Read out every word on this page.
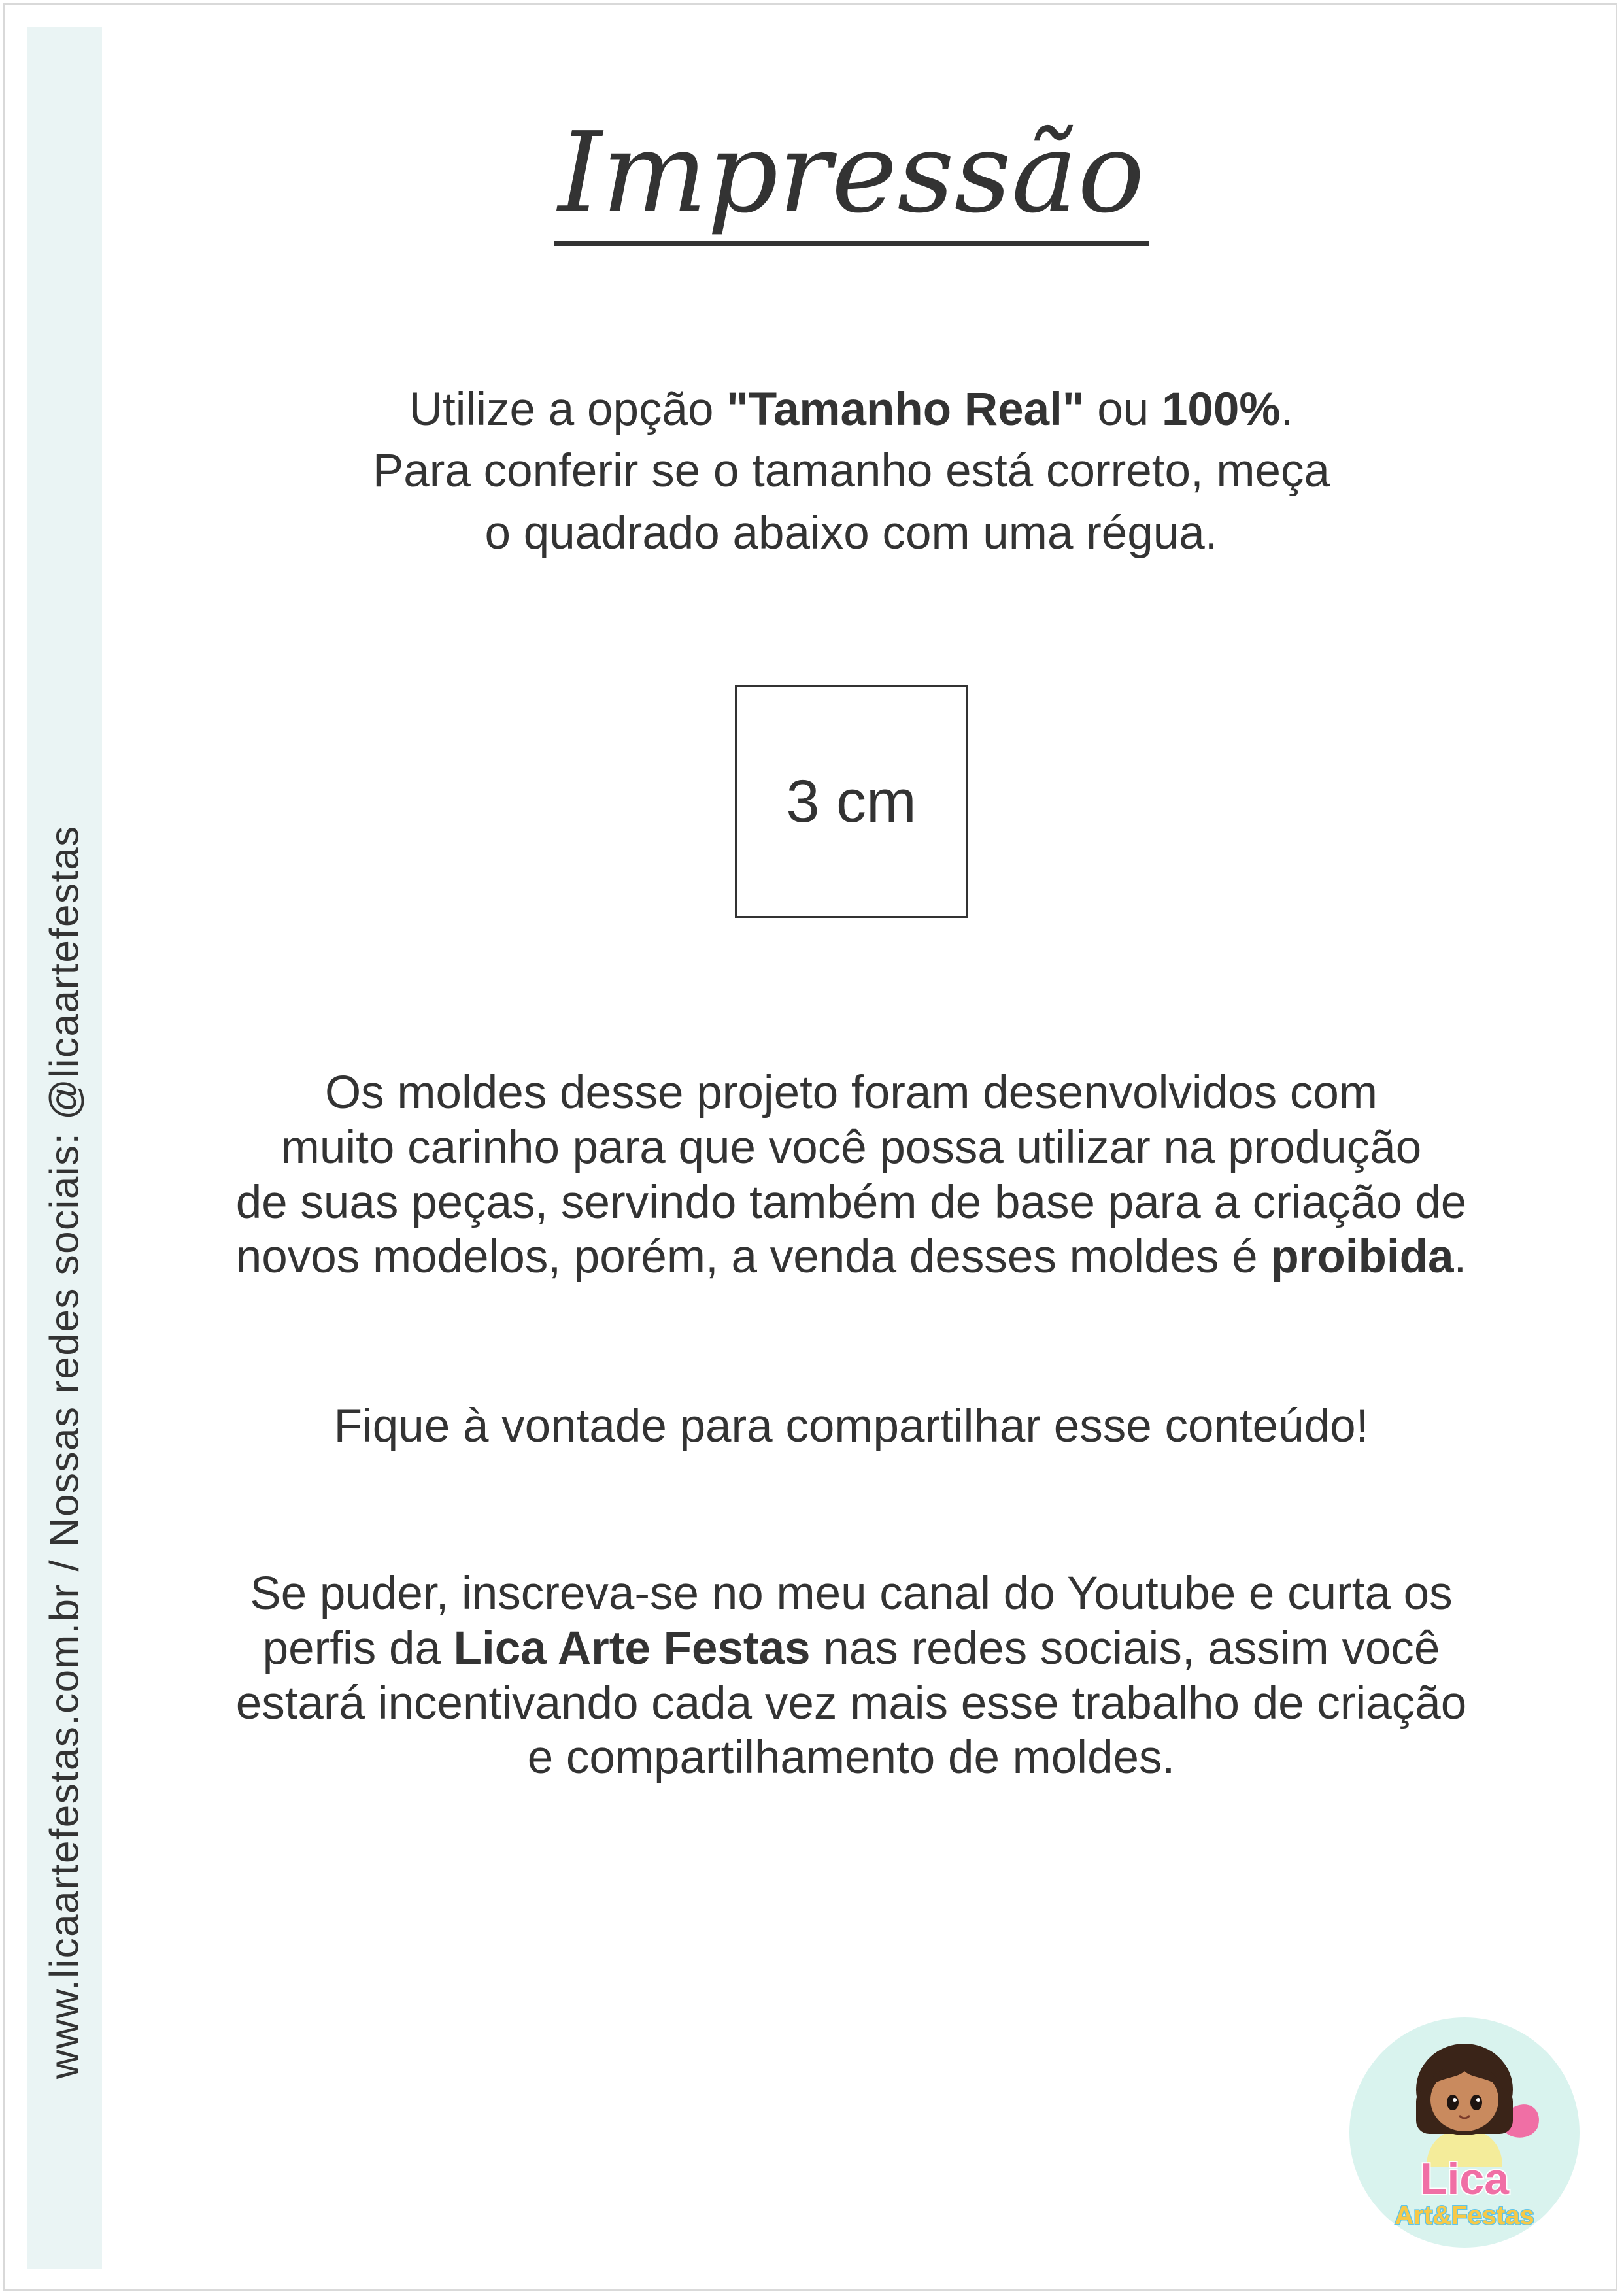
www.licaartefestas.com.br / Nossas redes sociais: @licaartefestas
Impressão
Utilize a opção "Tamanho Real" ou 100%.
Para conferir se o tamanho está correto, meça
o quadrado abaixo com uma régua.
3 cm
Os moldes desse projeto foram desenvolvidos com
muito carinho para que você possa utilizar na produção
de suas peças, servindo também de base para a criação de
novos modelos, porém, a venda desses moldes é proibida.
Fique à vontade para compartilhar esse conteúdo!
Se puder, inscreva-se no meu canal do Youtube e curta os
perfis da Lica Arte Festas nas redes sociais, assim você
estará incentivando cada vez mais esse trabalho de criação
e compartilhamento de moldes.
Lica
Art&Festas
